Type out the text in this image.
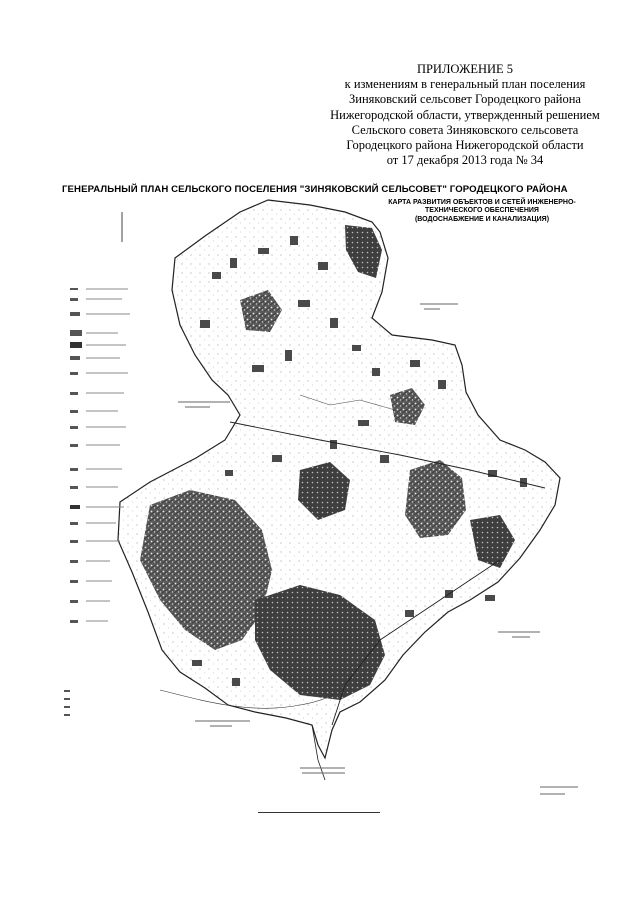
ПРИЛОЖЕНИЕ 5
к изменениям в генеральный план поселения
Зиняковский сельсовет Городецкого района
Нижегородской области, утвержденный решением
Сельского совета Зиняковского сельсовета
Городецкого района Нижегородской области
от 17 декабря 2013 года № 34
ГЕНЕРАЛЬНЫЙ ПЛАН СЕЛЬСКОГО ПОСЕЛЕНИЯ "ЗИНЯКОВСКИЙ СЕЛЬСОВЕТ" ГОРОДЕЦКОГО РАЙОНА
КАРТА РАЗВИТИЯ ОБЪЕКТОВ И СЕТЕЙ ИНЖЕНЕРНО-
ТЕХНИЧЕСКОГО ОБЕСПЕЧЕНИЯ
(ВОДОСНАБЖЕНИЕ И КАНАЛИЗАЦИЯ)
